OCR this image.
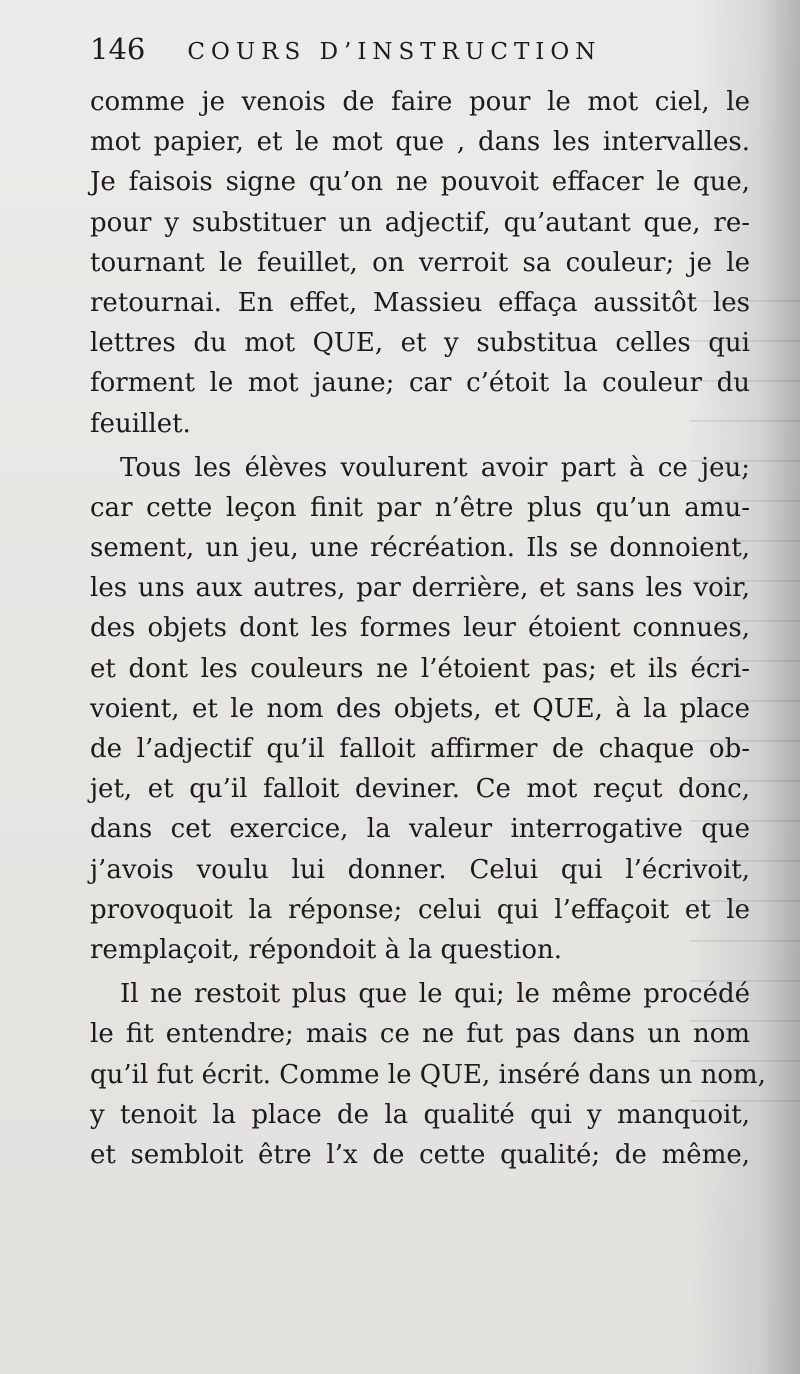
146 COURS D’INSTRUCTION
comme je venois de faire pour le mot ciel, le
mot papier, et le mot que , dans les intervalles.
Je faisois signe qu’on ne pouvoit effacer le que,
pour y substituer un adjectif, qu’autant que, re-
tournant le feuillet, on verroit sa couleur; je le
retournai. En effet, Massieu effaça aussitôt les
lettres du mot QUE, et y substitua celles qui
forment le mot jaune; car c’étoit la couleur du
feuillet.
Tous les élèves voulurent avoir part à ce jeu;
car cette leçon finit par n’être plus qu’un amu-
sement, un jeu, une récréation. Ils se donnoient,
les uns aux autres, par derrière, et sans les voir,
des objets dont les formes leur étoient connues,
et dont les couleurs ne l’étoient pas; et ils écri-
voient, et le nom des objets, et QUE, à la place
de l’adjectif qu’il falloit affirmer de chaque ob-
jet, et qu’il falloit deviner. Ce mot reçut donc,
dans cet exercice, la valeur interrogative que
j’avois voulu lui donner. Celui qui l’écrivoit,
provoquoit la réponse; celui qui l’effaçoit et le
remplaçoit, répondoit à la question.
Il ne restoit plus que le qui; le même procédé
le fit entendre; mais ce ne fut pas dans un nom
qu’il fut écrit. Comme le QUE, inséré dans un nom,
y tenoit la place de la qualité qui y manquoit,
et sembloit être l’x de cette qualité; de même,
